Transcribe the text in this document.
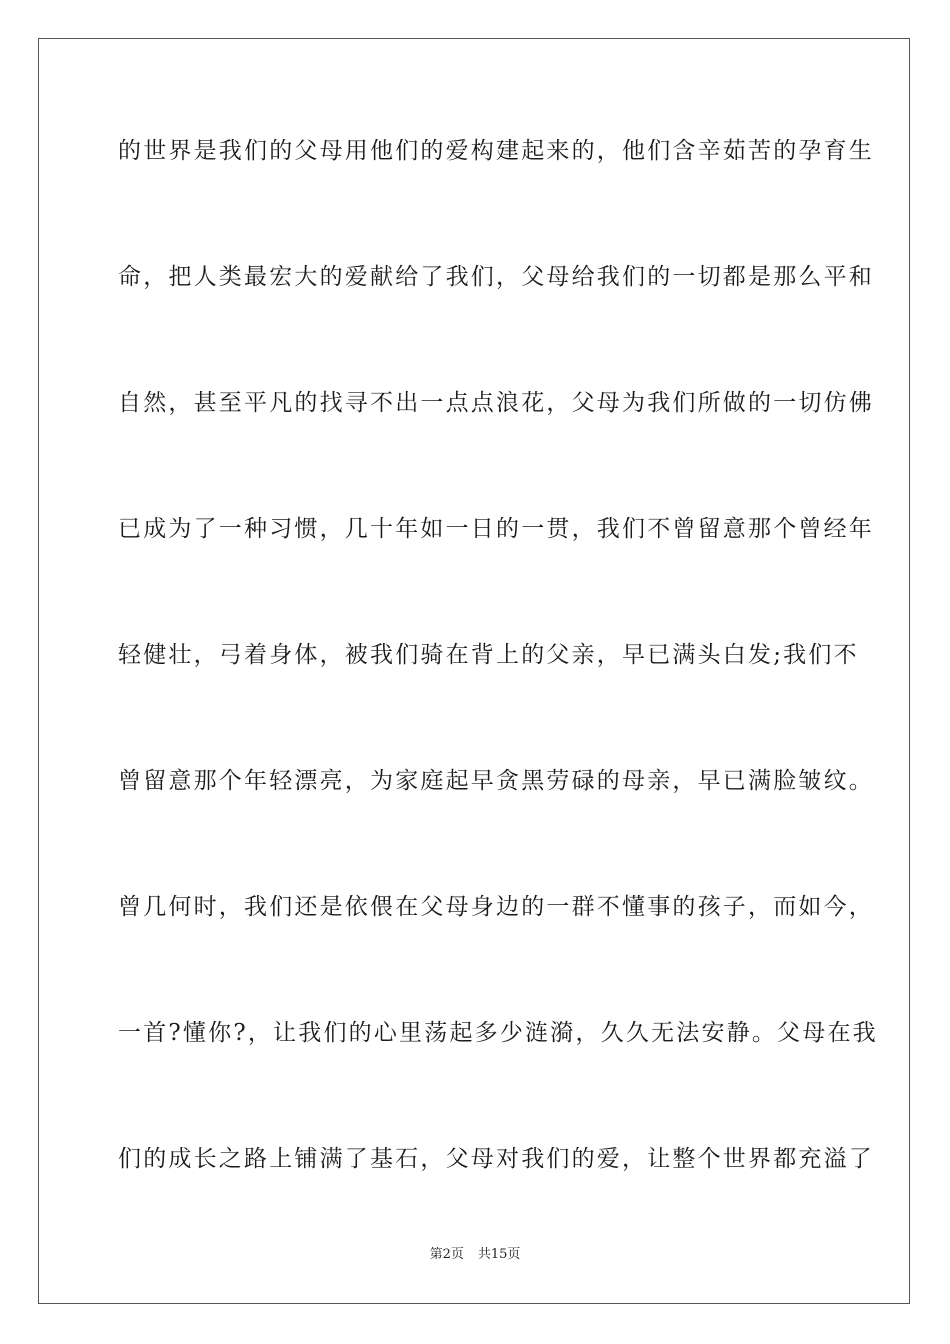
的世界是我们的父母用他们的爱构建起来的，他们含辛茹苦的孕育生
命，把人类最宏大的爱献给了我们，父母给我们的一切都是那么平和
自然，甚至平凡的找寻不出一点点浪花，父母为我们所做的一切仿佛
已成为了一种习惯，几十年如一日的一贯，我们不曾留意那个曾经年
轻健壮，弓着身体，被我们骑在背上的父亲，早已满头白发;我们不
曾留意那个年轻漂亮，为家庭起早贪黑劳碌的母亲，早已满脸皱纹。
曾几何时，我们还是依偎在父母身边的一群不懂事的孩子，而如今，
一首?懂你?，让我们的心里荡起多少涟漪，久久无法安静。父母在我
们的成长之路上铺满了基石，父母对我们的爱，让整个世界都充溢了
第2页 共15页
